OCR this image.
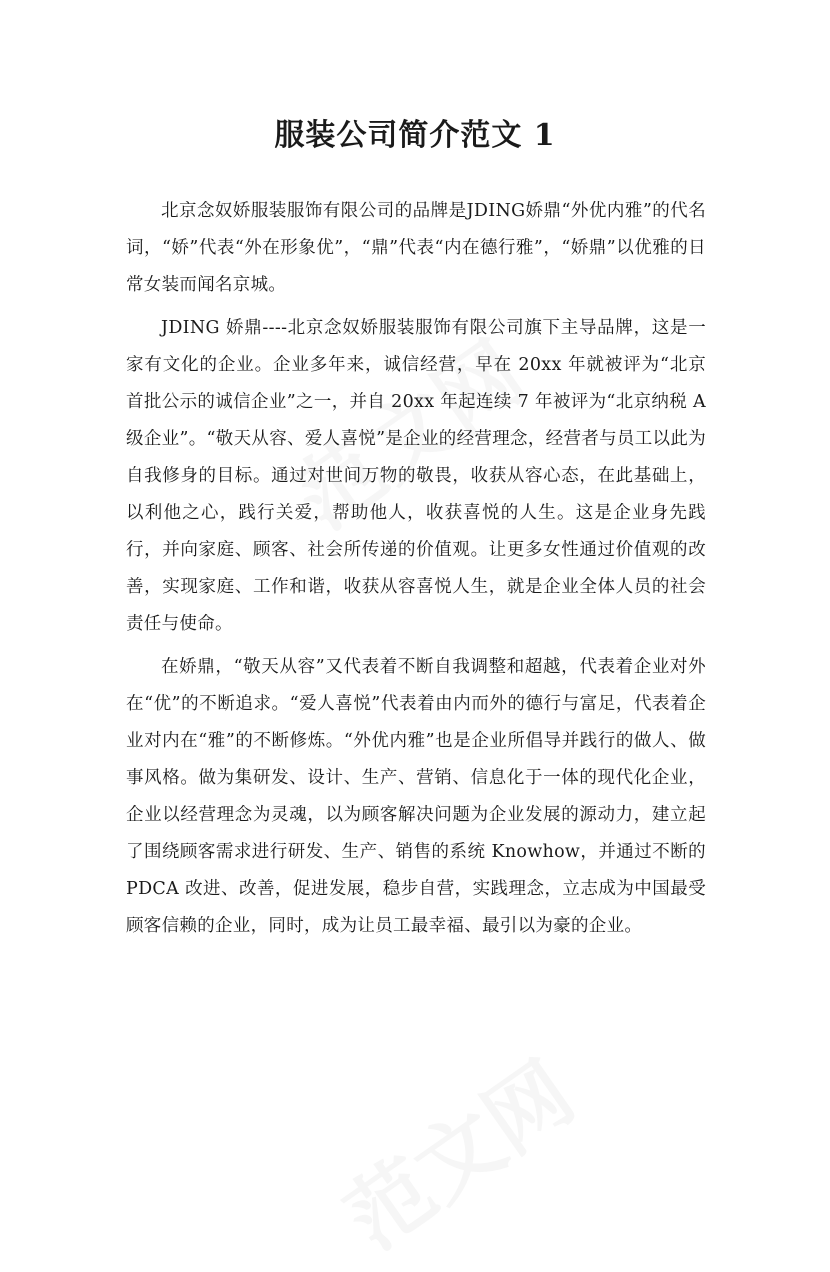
服装公司简介范文 1

北京念奴娇服装服饰有限公司的品牌是JDING娇鼎“外优内雅”的代名词，“娇”代表“外在形象优”，“鼎”代表“内在德行雅”，“娇鼎”以优雅的日常女装而闻名京城。

JDING 娇鼎----北京念奴娇服装服饰有限公司旗下主导品牌，这是一家有文化的企业。企业多年来，诚信经营，早在 20xx 年就被评为“北京首批公示的诚信企业”之一，并自 20xx 年起连续 7 年被评为“北京纳税 A 级企业”。“敬天从容、爱人喜悦”是企业的经营理念，经营者与员工以此为自我修身的目标。通过对世间万物的敬畏，收获从容心态，在此基础上，以利他之心，践行关爱，帮助他人，收获喜悦的人生。这是企业身先践行，并向家庭、顾客、社会所传递的价值观。让更多女性通过价值观的改善，实现家庭、工作和谐，收获从容喜悦人生，就是企业全体人员的社会责任与使命。

在娇鼎，“敬天从容”又代表着不断自我调整和超越，代表着企业对外在“优”的不断追求。“爱人喜悦”代表着由内而外的德行与富足，代表着企业对内在“雅”的不断修炼。“外优内雅”也是企业所倡导并践行的做人、做事风格。做为集研发、设计、生产、营销、信息化于一体的现代化企业，企业以经营理念为灵魂，以为顾客解决问题为企业发展的源动力，建立起了围绕顾客需求进行研发、生产、销售的系统 Knowhow，并通过不断的 PDCA 改进、改善，促进发展，稳步自营，实践理念，立志成为中国最受顾客信赖的企业，同时，成为让员工最幸福、最引以为豪的企业。
